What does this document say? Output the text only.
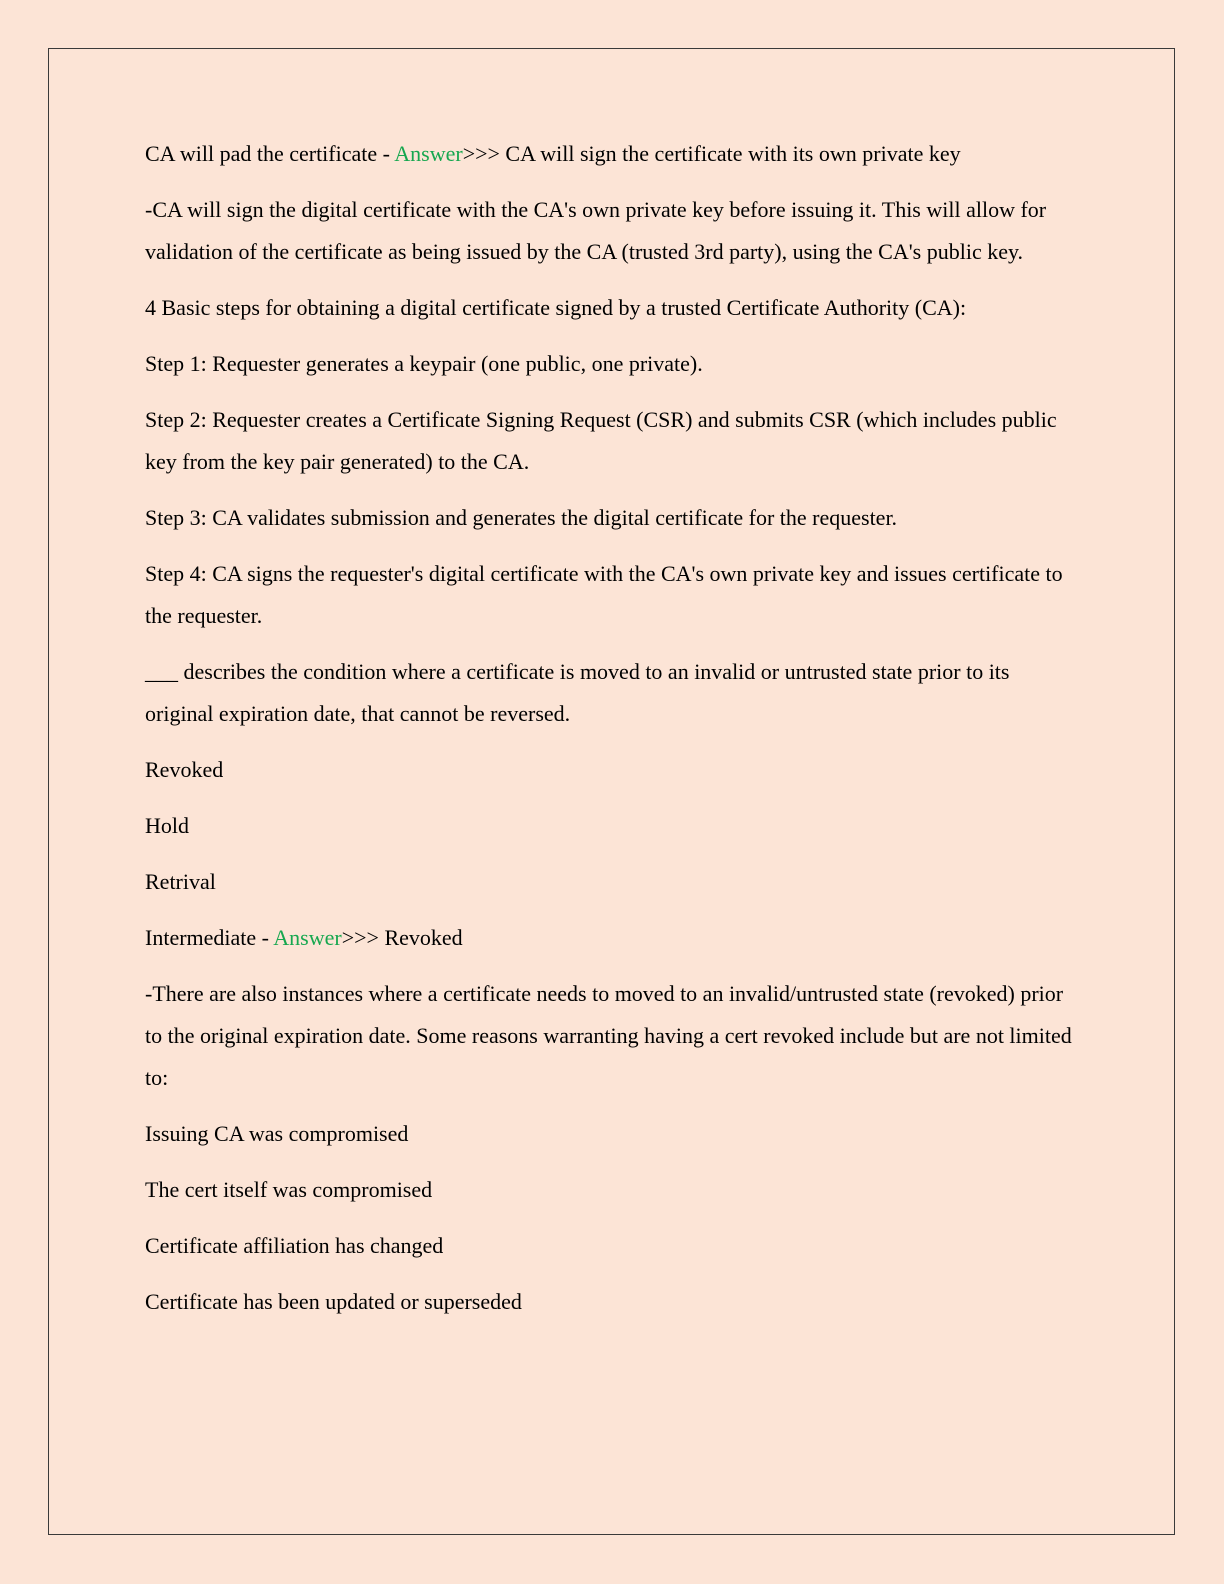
CA will pad the certificate - Answer>>> CA will sign the certificate with its own private key

-CA will sign the digital certificate with the CA's own private key before issuing it. This will allow for validation of the certificate as being issued by the CA (trusted 3rd party), using the CA's public key.

4 Basic steps for obtaining a digital certificate signed by a trusted Certificate Authority (CA):

Step 1: Requester generates a keypair (one public, one private).

Step 2: Requester creates a Certificate Signing Request (CSR) and submits CSR (which includes public key from the key pair generated) to the CA.

Step 3: CA validates submission and generates the digital certificate for the requester.

Step 4: CA signs the requester's digital certificate with the CA's own private key and issues certificate to the requester.

___ describes the condition where a certificate is moved to an invalid or untrusted state prior to its original expiration date, that cannot be reversed.

Revoked

Hold

Retrival

Intermediate - Answer>>> Revoked

-There are also instances where a certificate needs to moved to an invalid/untrusted state (revoked) prior to the original expiration date. Some reasons warranting having a cert revoked include but are not limited to:

Issuing CA was compromised

The cert itself was compromised

Certificate affiliation has changed

Certificate has been updated or superseded
